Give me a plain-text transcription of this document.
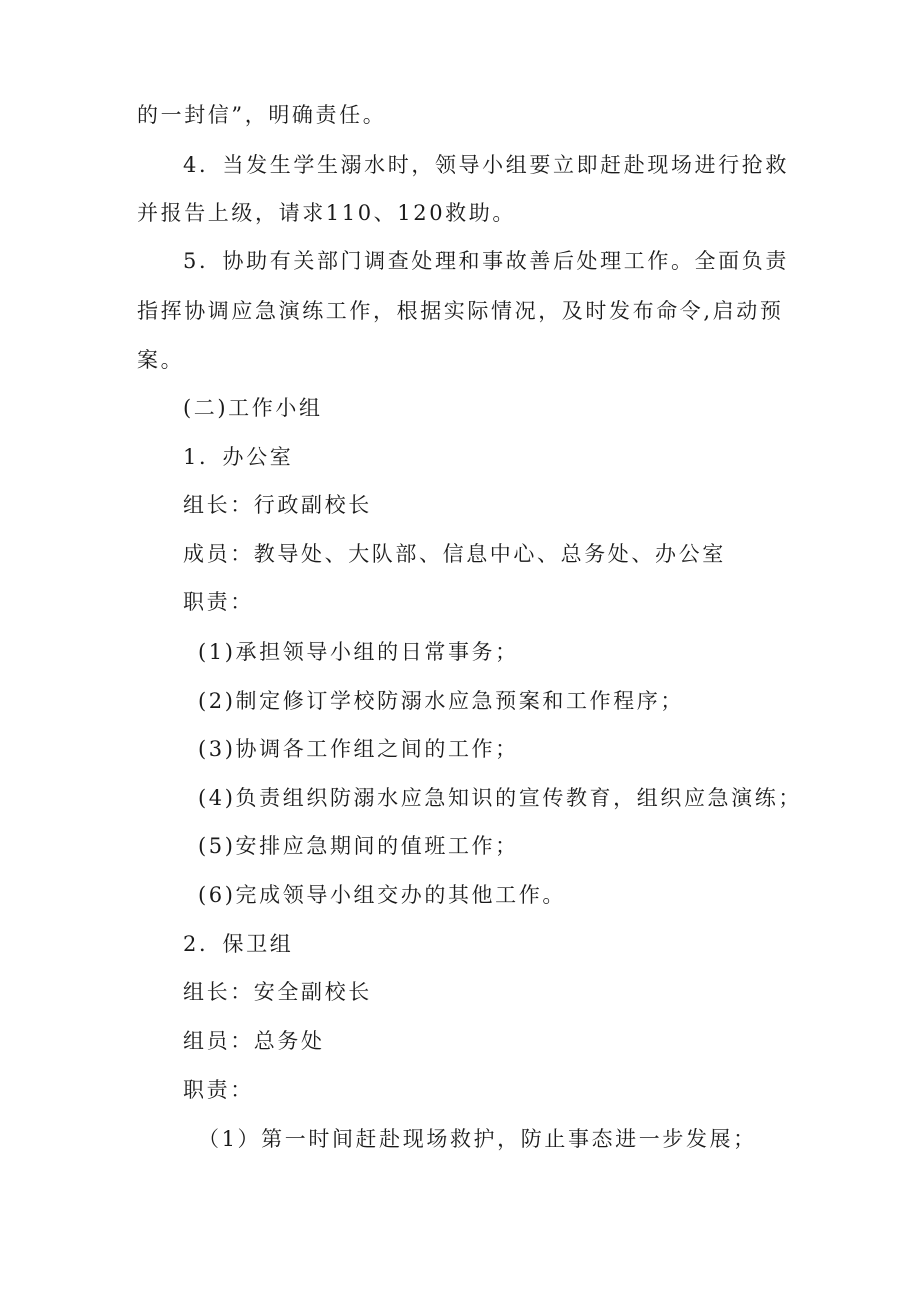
的一封信”，明确责任。
4．当发生学生溺水时，领导小组要立即赶赴现场进行抢救
并报告上级，请求110、120救助。
5．协助有关部门调查处理和事故善后处理工作。全面负责
指挥协调应急演练工作，根据实际情况，及时发布命令,启动预
案。
(二)工作小组
1．办公室
组长：行政副校长
成员：教导处、大队部、信息中心、总务处、办公室
职责：
(1)承担领导小组的日常事务；
(2)制定修订学校防溺水应急预案和工作程序；
(3)协调各工作组之间的工作；
(4)负责组织防溺水应急知识的宣传教育，组织应急演练；
(5)安排应急期间的值班工作；
(6)完成领导小组交办的其他工作。
2．保卫组
组长：安全副校长
组员：总务处
职责：
（1）第一时间赶赴现场救护，防止事态进一步发展；
